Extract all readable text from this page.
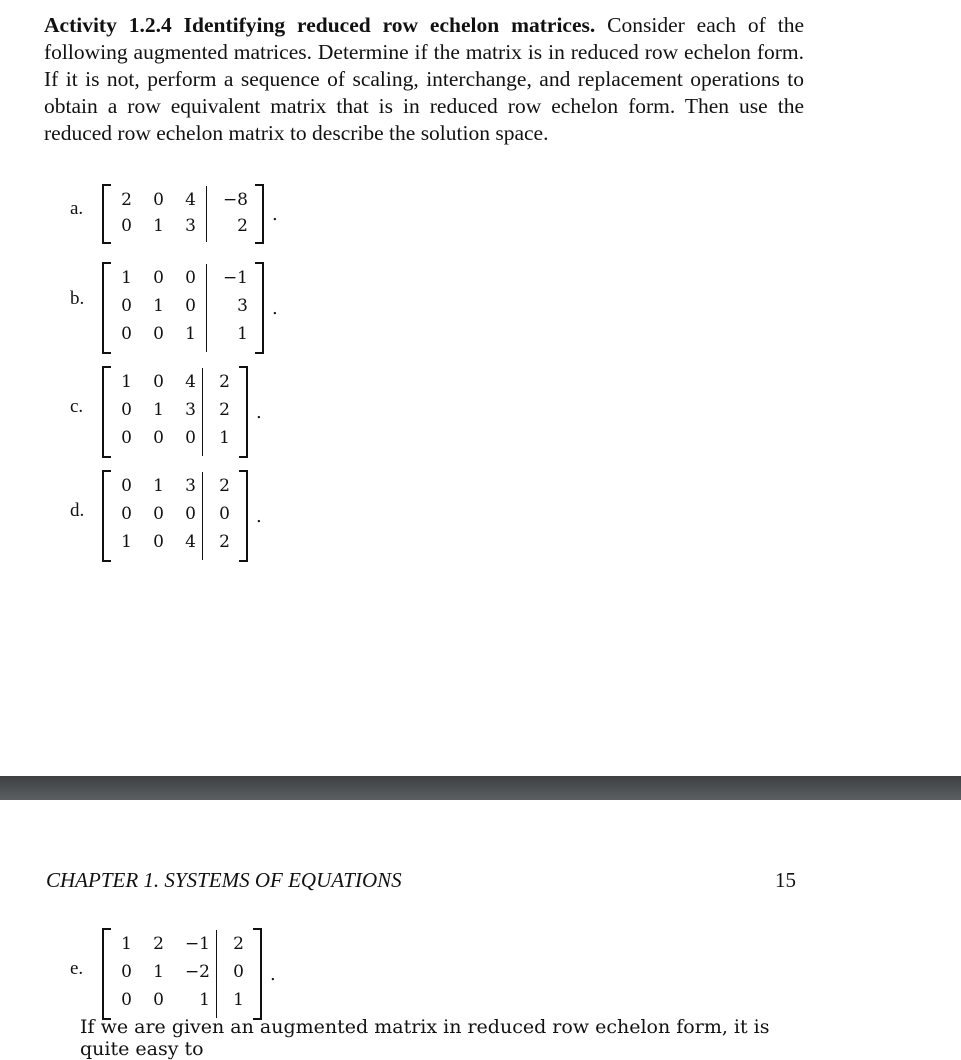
Activity 1.2.4 Identifying reduced row echelon matrices. Consider each of the following augmented matrices. Determine if the matrix is in reduced row echelon form. If it is not, perform a sequence of scaling, interchange, and replacement operations to obtain a row equivalent matrix that is in reduced row echelon form. Then use the reduced row echelon matrix to describe the solution space.
CHAPTER 1. SYSTEMS OF EQUATIONS	15
If we are given an augmented matrix in reduced row echelon form, it is quite easy to
a.	2	0	4 −8
0	1	3	2
.
b.
1	0	0 −1
0	1	0	3
0	0	1	1
.
c.
1	0	4	2
0	1	3	2
0	0	0	1
.
d.
0	1	3	2
0	0	0	0
1	0	4	2
.
e.
1	2 −1	2
0	1 −2	0
0	0	1	1
.
